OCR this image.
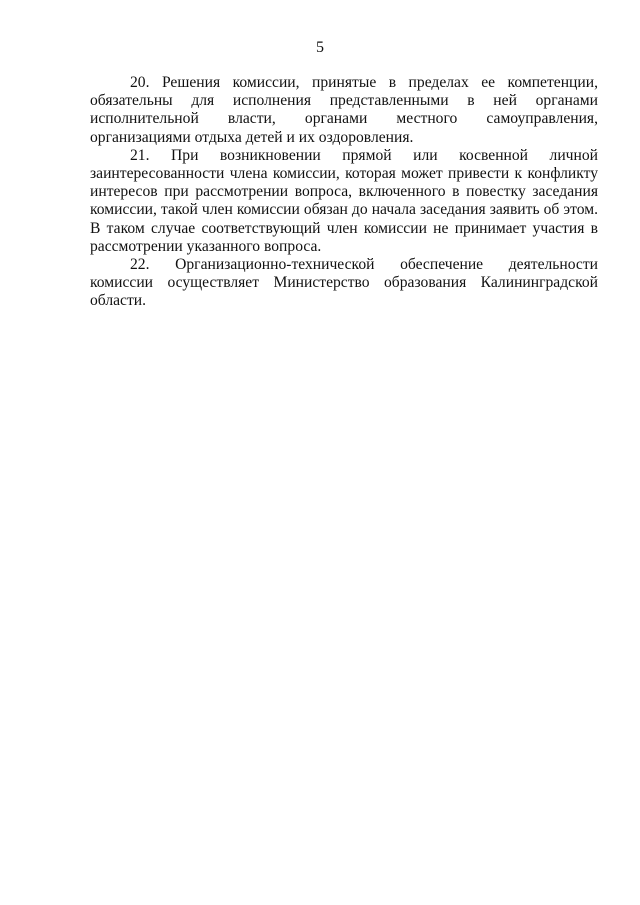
5

20. Решения комиссии, принятые в пределах ее компетенции, обязательны для исполнения представленными в ней органами исполнительной власти, органами местного самоуправления, организациями отдыха детей и их оздоровления.

21. При возникновении прямой или косвенной личной заинтересованности члена комиссии, которая может привести к конфликту интересов при рассмотрении вопроса, включенного в повестку заседания комиссии, такой член комиссии обязан до начала заседания заявить об этом. В таком случае соответствующий член комиссии не принимает участия в рассмотрении указанного вопроса.

22. Организационно-технической обеспечение деятельности комиссии осуществляет Министерство образования Калининградской области.
